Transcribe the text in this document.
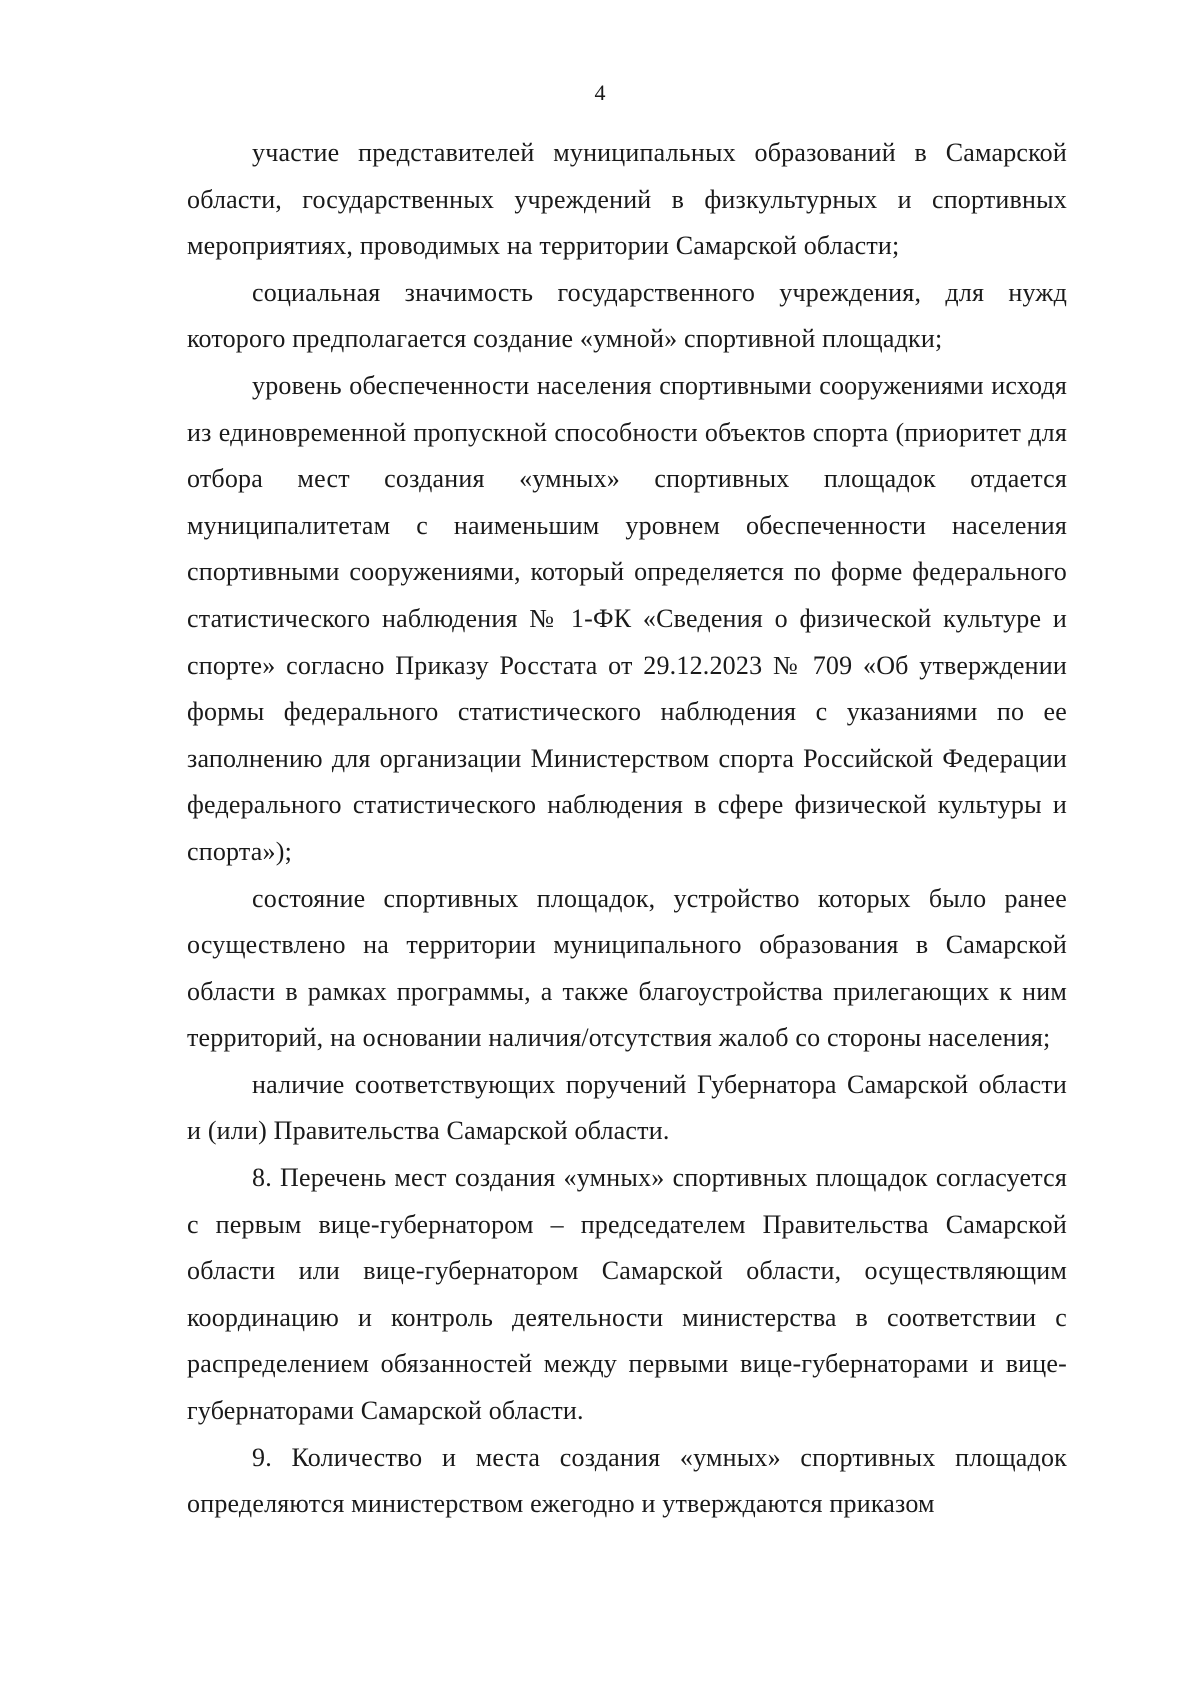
4

участие представителей муниципальных образований в Самарской области, государственных учреждений в физкультурных и спортивных мероприятиях, проводимых на территории Самарской области;

социальная значимость государственного учреждения, для нужд которого предполагается создание «умной» спортивной площадки;

уровень обеспеченности населения спортивными сооружениями исходя из единовременной пропускной способности объектов спорта (приоритет для отбора мест создания «умных» спортивных площадок отдается муниципалитетам с наименьшим уровнем обеспеченности населения спортивными сооружениями, который определяется по форме федерального статистического наблюдения № 1-ФК «Сведения о физической культуре и спорте» согласно Приказу Росстата от 29.12.2023 № 709 «Об утверждении формы федерального статистического наблюдения с указаниями по ее заполнению для организации Министерством спорта Российской Федерации федерального статистического наблюдения в сфере физической культуры и спорта»);

состояние спортивных площадок, устройство которых было ранее осуществлено на территории муниципального образования в Самарской области в рамках программы, а также благоустройства прилегающих к ним территорий, на основании наличия/отсутствия жалоб со стороны населения;

наличие соответствующих поручений Губернатора Самарской области и (или) Правительства Самарской области.

8. Перечень мест создания «умных» спортивных площадок согласуется с первым вице-губернатором – председателем Правительства Самарской области или вице-губернатором Самарской области, осуществляющим координацию и контроль деятельности министерства в соответствии с распределением обязанностей между первыми вице-губернаторами и вице-губернаторами Самарской области.

9. Количество и места создания «умных» спортивных площадок определяются министерством ежегодно и утверждаются приказом
